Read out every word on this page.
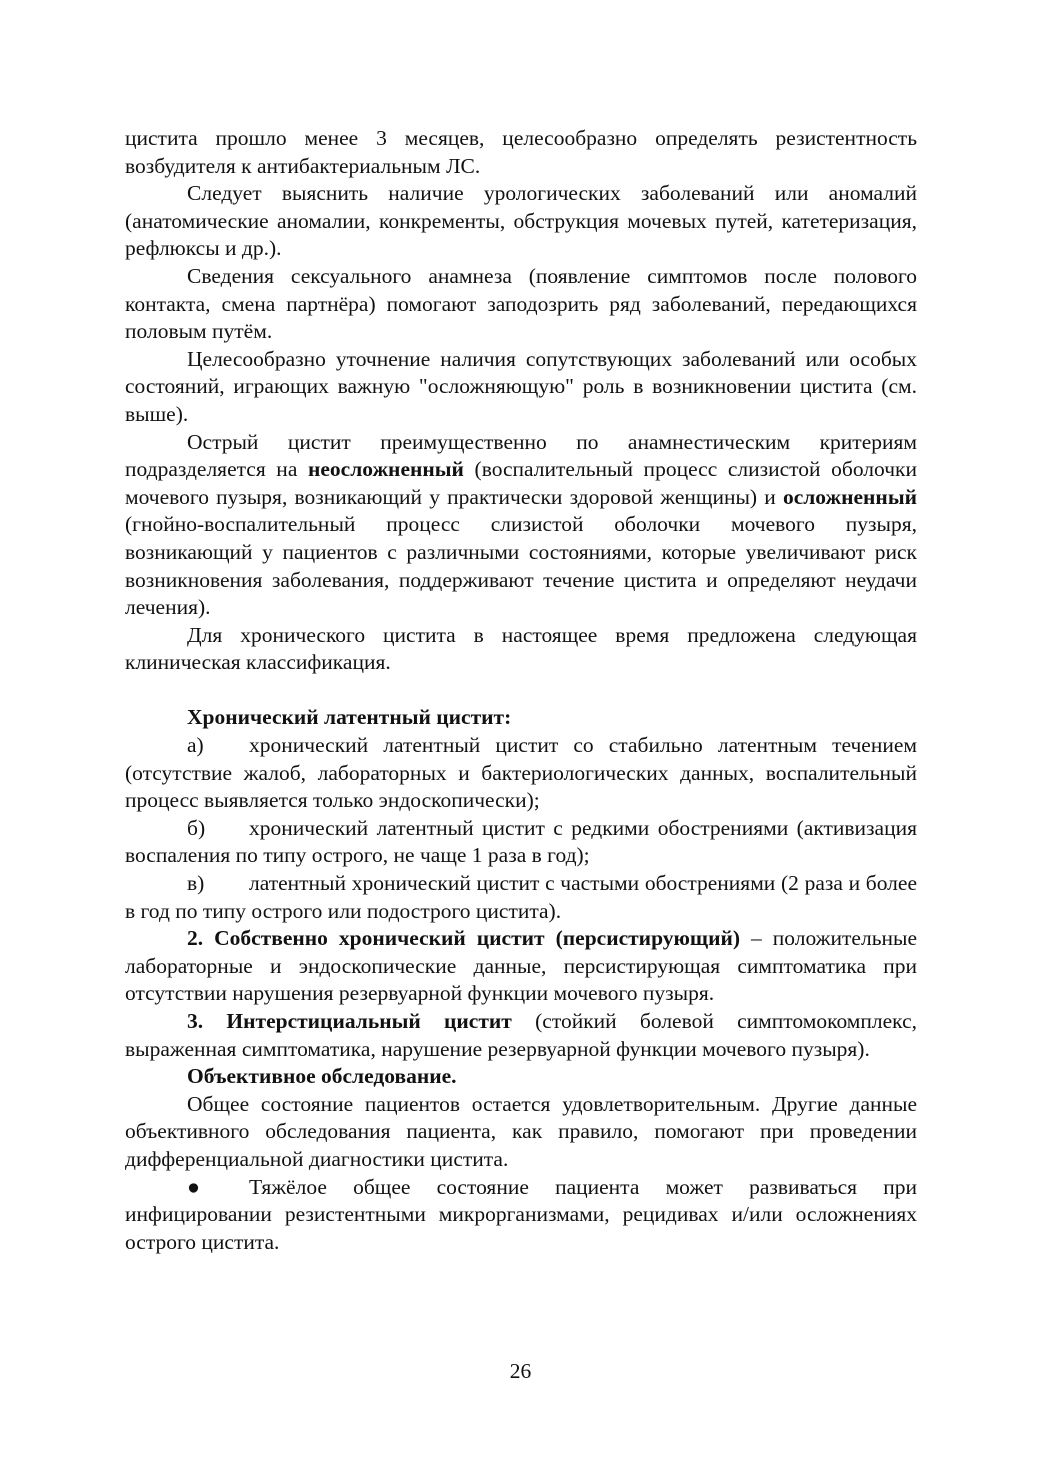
цистита прошло менее 3 месяцев, целесообразно определять резистентность возбудителя к антибактериальным ЛС.

Следует выяснить наличие урологических заболеваний или аномалий (анатомические аномалии, конкременты, обструкция мочевых путей, катетеризация, рефлюксы и др.).

Сведения сексуального анамнеза (появление симптомов после полового контакта, смена партнёра) помогают заподозрить ряд заболеваний, передающихся половым путём.

Целесообразно уточнение наличия сопутствующих заболеваний или особых состояний, играющих важную "осложняющую" роль в возникновении цистита (см. выше).

Острый цистит преимущественно по анамнестическим критериям подразделяется на неосложненный (воспалительный процесс слизистой оболочки мочевого пузыря, возникающий у практически здоровой женщины) и осложненный (гнойно-воспалительный процесс слизистой оболочки мочевого пузыря, возникающий у пациентов с различными состояниями, которые увеличивают риск возникновения заболевания, поддерживают течение цистита и определяют неудачи лечения).

Для хронического цистита в настоящее время предложена следующая клиническая классификация.

Хронический латентный цистит:

а) хронический латентный цистит со стабильно латентным течением (отсутствие жалоб, лабораторных и бактериологических данных, воспалительный процесс выявляется только эндоскопически);

б) хронический латентный цистит с редкими обострениями (активизация воспаления по типу острого, не чаще 1 раза в год);

в) латентный хронический цистит с частыми обострениями (2 раза и более в год по типу острого или подострого цистита).

2. Собственно хронический цистит (персистирующий) – положительные лабораторные и эндоскопические данные, персистирующая симптоматика при отсутствии нарушения резервуарной функции мочевого пузыря.

3. Интерстициальный цистит (стойкий болевой симптомокомплекс, выраженная симптоматика, нарушение резервуарной функции мочевого пузыря).

Объективное обследование.

Общее состояние пациентов остается удовлетворительным. Другие данные объективного обследования пациента, как правило, помогают при проведении дифференциальной диагностики цистита.

● Тяжёлое общее состояние пациента может развиваться при инфицировании резистентными микрорганизмами, рецидивах и/или осложнениях острого цистита.

26
